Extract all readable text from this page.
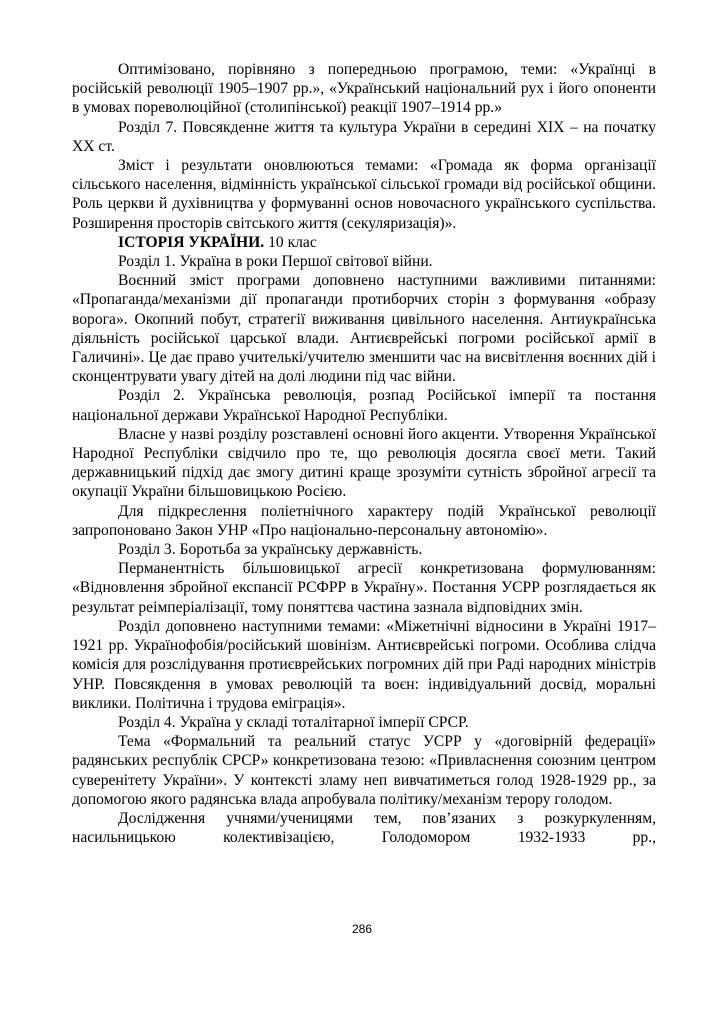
Оптимізовано, порівняно з попередньою програмою, теми: «Українці в російській революції 1905–1907 рр.», «Український національний рух і його опоненти в умовах пореволюційної (столипінської) реакції 1907–1914 рр.»

Розділ 7. Повсякденне життя та культура України в середині ХІХ – на початку ХХ ст.

Зміст і результати оновлюються темами: «Громада як форма організації сільського населення, відмінність української сільської громади від російської общини. Роль церкви й духівництва у формуванні основ новочасного українського суспільства. Розширення просторів світського життя (секуляризація)».

ІСТОРІЯ УКРАЇНИ. 10 клас

Розділ 1. Україна в роки Першої світової війни.

Воєнний зміст програми доповнено наступними важливими питаннями: «Пропаганда/механізми дії пропаганди протиборчих сторін з формування «образу ворога». Окопний побут, стратегії виживання цивільного населення. Антиукраїнська діяльність російської царської влади. Антиєврейські погроми російської армії в Галичині». Це дає право учителькі/учителю зменшити час на висвітлення воєнних дій і сконцентрувати увагу дітей на долі людини під час війни.

Розділ 2. Українська революція, розпад Російської імперії та постання національної держави Української Народної Республіки.

Власне у назві розділу розставлені основні його акценти. Утворення Української Народної Республіки свідчило про те, що революція досягла своєї мети. Такий державницький підхід дає змогу дитині краще зрозуміти сутність збройної агресії та окупації України більшовицькою Росією.

Для підкреслення поліетнічного характеру подій Української революції запропоновано Закон УНР «Про національно-персональну автономію».

Розділ 3. Боротьба за українську державність.

Перманентність більшовицької агресії конкретизована формулюванням: «Відновлення збройної експансії РСФРР в Україну». Постання УСРР розглядається як результат реімперіалізації, тому поняттєва частина зазнала відповідних змін.

Розділ доповнено наступними темами: «Міжетнічні відносини в Україні 1917–1921 рр. Українофобія/російський шовінізм. Антиєврейські погроми. Особлива слідча комісія для розслідування протиєврейських погромних дій при Раді народних міністрів УНР. Повсякдення в умовах революцій та воєн: індивідуальний досвід, моральні виклики. Політична і трудова еміграція».

Розділ 4. Україна у складі тоталітарної імперії СРСР.

Тема «Формальний та реальний статус УСРР у «договірній федерації» радянських республік СРСР» конкретизована тезою: «Привласнення союзним центром суверенітету України». У контексті зламу неп вивчатиметься голод 1928-1929 рр., за допомогою якого радянська влада апробувала політику/механізм терору голодом.

Дослідження учнями/ученицями тем, пов’язаних з розкуркуленням, насильницькою колективізацією, Голодомором 1932-1933 рр.,

286
